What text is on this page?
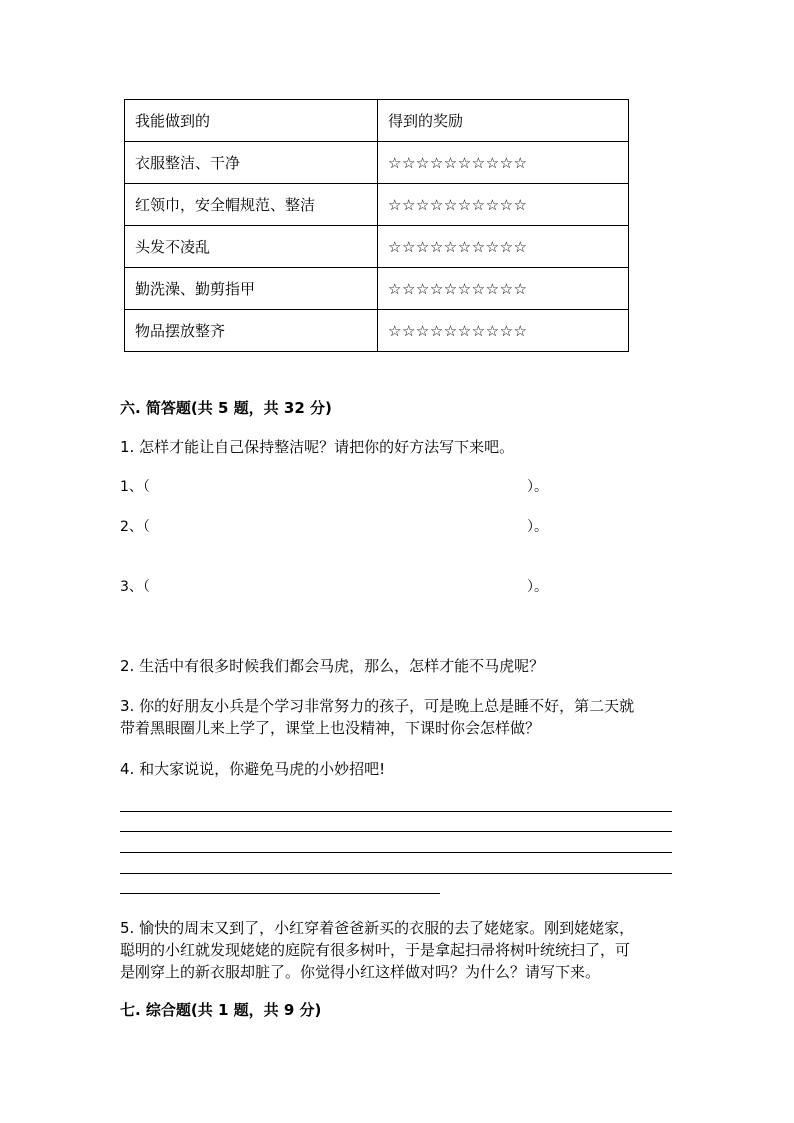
我能做到的	得到的奖励
衣服整洁、干净	☆☆☆☆☆☆☆☆☆☆
红领巾，安全帽规范、整洁	☆☆☆☆☆☆☆☆☆☆
头发不凌乱	☆☆☆☆☆☆☆☆☆☆
勤洗澡、勤剪指甲	☆☆☆☆☆☆☆☆☆☆
物品摆放整齐	☆☆☆☆☆☆☆☆☆☆
六. 简答题(共 5 题，共 32 分)
1. 怎样才能让自己保持整洁呢？请把你的好方法写下来吧。
1、（	）。
2、（	）。
3、（	）。
2. 生活中有很多时候我们都会马虎，那么，怎样才能不马虎呢？
3. 你的好朋友小兵是个学习非常努力的孩子，可是晚上总是睡不好，第二天就
带着黑眼圈儿来上学了，课堂上也没精神，下课时你会怎样做？
4. 和大家说说，你避免马虎的小妙招吧!
5. 愉快的周末又到了，小红穿着爸爸新买的衣服的去了姥姥家。刚到姥姥家，
聪明的小红就发现姥姥的庭院有很多树叶，于是拿起扫帚将树叶统统扫了，可
是刚穿上的新衣服却脏了。你觉得小红这样做对吗？为什么？请写下来。
七. 综合题(共 1 题，共 9 分)
